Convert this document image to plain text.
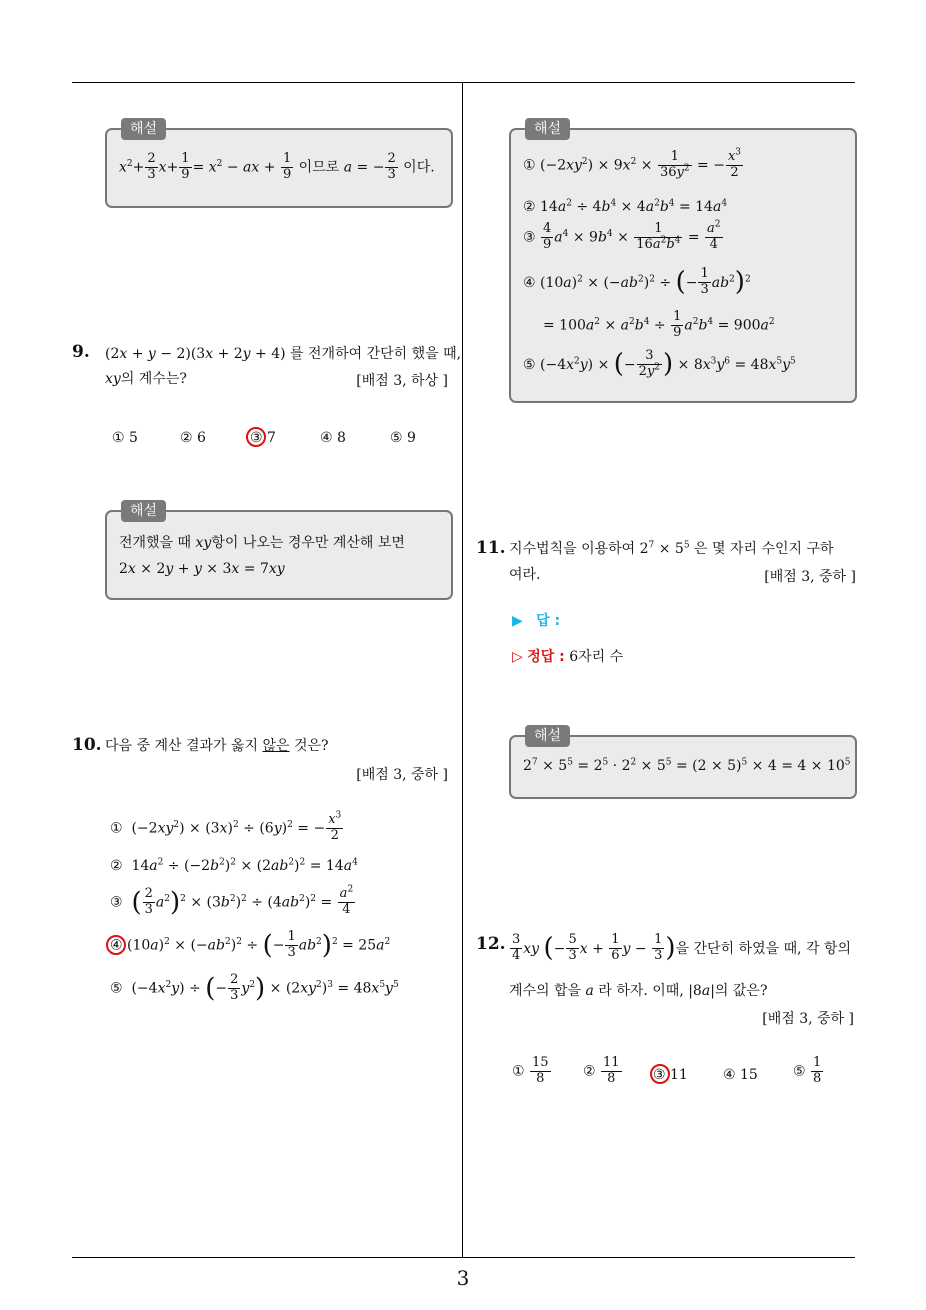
3
해설
$x^2+ \frac{2}{3} x+ \frac{1}{9} = x^2$ − ax + $\frac{1}{9}$ 이므로 a = − $\frac{2}{3}$ 이다.
9. (2x + y − 2)(3x + 2y + 4) 를 전개하여 간단히 했을 때,
xy의 계수는?	[배점 3, 하상 ]
① 5	② 6	③ 7	④ 8	⑤ 9
해설
전개했을 때 xy항이 나오는 경우만 계산해 보면
2x × 2y + y × 3x = 7xy
10. 다음 중 계산 결과가 옳지 않은 것은?
[배점 3, 중하 ]
①  $(-2xy^2) \times (3x)^2 \div (6y)^2$ = − $\frac{x^3}{2}$
②  $14a^2 \div (-2b^2)^2 \times (2ab^2)^2 = 14a^4$
③  ( $\frac{2}{3} a^2)^2 \times (3b^2)^2 \div (4ab^2)^2 = \frac{a^2}{4}$
④ $(10a)^2 \times (-ab^2)^2$ ÷ (− $\frac{1}{3} ab^2)^2 = 25a^2$
⑤  $(-4x^2y)$ ÷ (− $\frac{2}{3} y^2) \times (2xy^2)^3 = 48x^5y^5$
해설
① $(-2xy^2) \times 9x^2 \times \frac{1}{36y^2}$ = − $\frac{x^3}{2}$
② $14a^2 \div 4b^4 \times 4a^2b^4 = 14a^4$
③ $\frac{4}{9} a^4 \times 9b^4 \times \frac{1}{16a^2b^4} = \frac{a^2}{4}$
④ $(10a)^2 \times (-ab^2)^2$ ÷ (− $\frac{1}{3} ab^2)^2$
= $100a^2 \times a^2b^4 \div \frac{1}{9} a^2b^4 = 900a^2$
⑤ $(-4x^2y)$ × (− $\frac{3}{2y^2}$ ) × $8x^3y^6 = 48x^5y^5$
11. 지수법칙을 이용하여 $2^7 \times 5^5$ 은 몇 자리 수인지 구하
여라.	[배점 3, 중하 ]
▶ 답 :
▷ 정답 : 6자리 수
해설
$2^7 \times 5^5 = 2^5 \cdot 2^2 \times 5^5 = (2 \times 5)^5 \times 4 = 4 \times 10^5$
12. $\frac{3}{4}$ xy (− $\frac{5}{3}$ $x + \frac{1}{6}$ $y - \frac{1}{3}$ )을 간단히 하였을 때, 각 항의
계수의 합을 a 라 하자. 이때, |8a|의 값은?
[배점 3, 중하 ]
① $\frac{15}{8}$ ② $\frac{11}{8}$ ③ 11	④ 15	⑤ $\frac{1}{8}$
